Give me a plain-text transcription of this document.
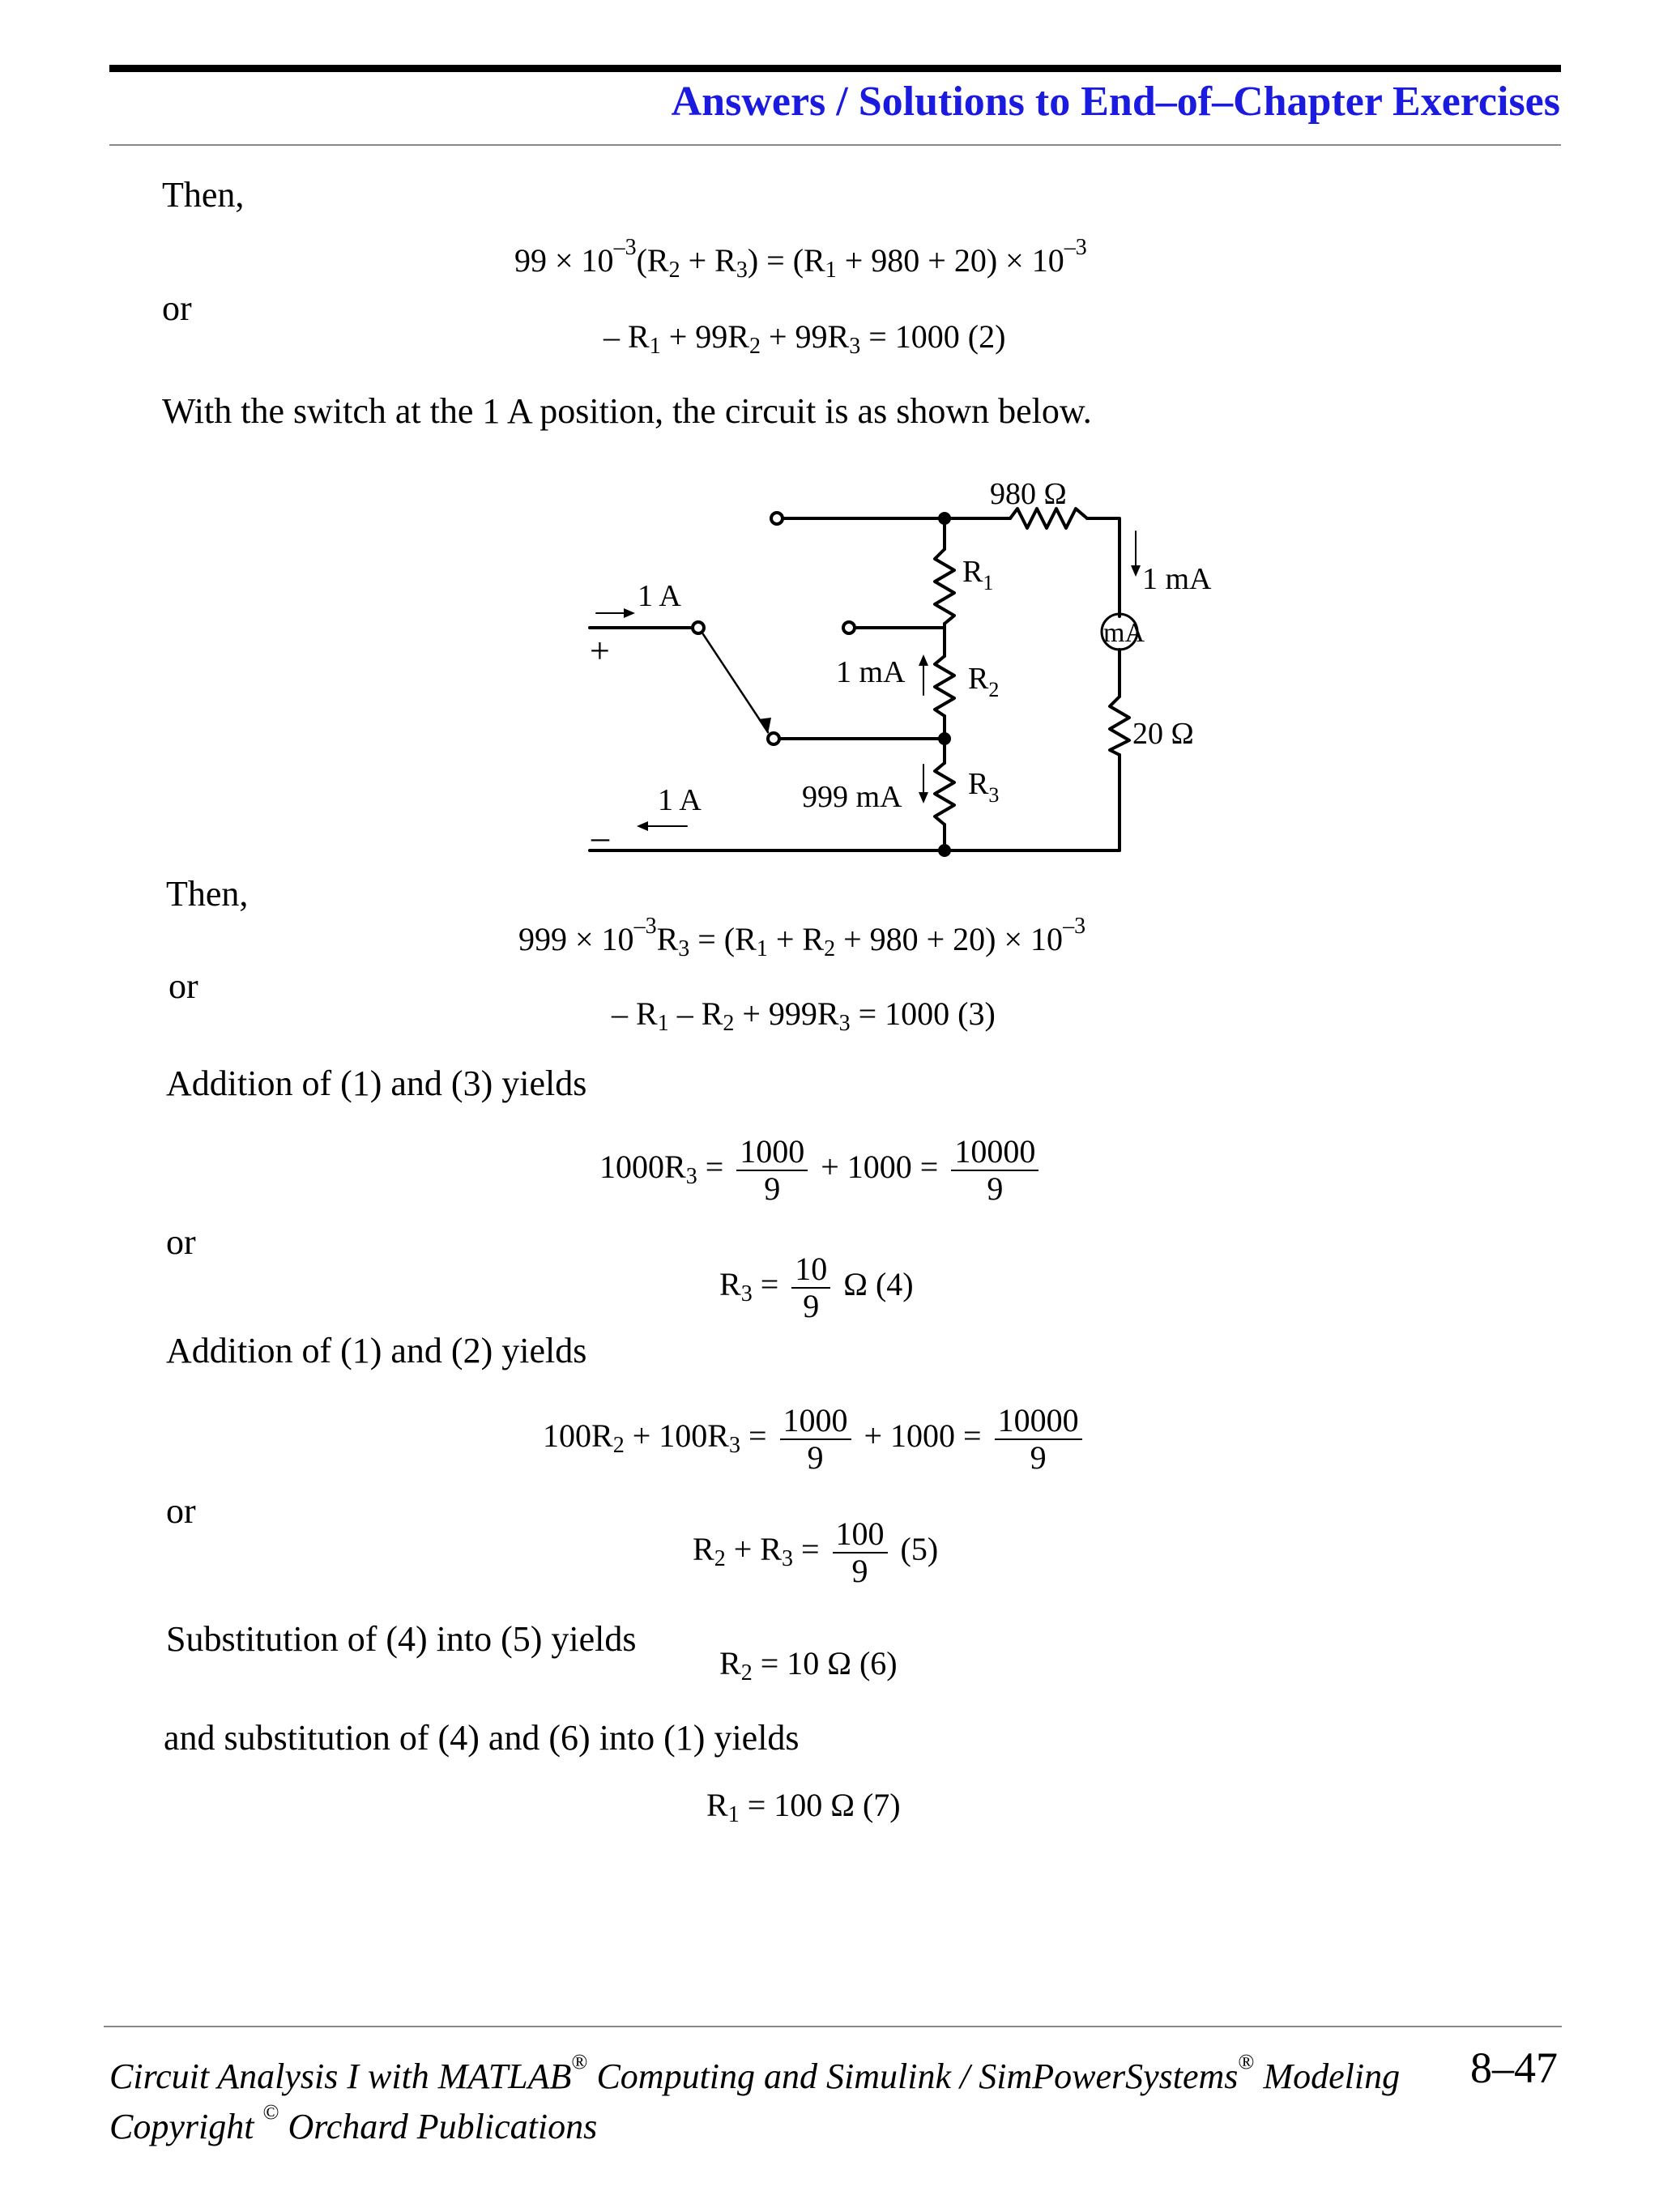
Answers / Solutions to End–of–Chapter Exercises
Then,
$99 \times 10^{-3}(R_2 + R_3) = (R_1 + 980 + 20) \times 10^{-3}$
or
– $R_1 + 99R_2 + 99R_3 = 1000$ (2)
With the switch at the 1 A position, the circuit is as shown below.
980 Ω
$R_1$
$R_2$
$R_3$
1 mA
mA
20 Ω
1 mA
999 mA
1 A
1 A
+
–
Then,
$999 \times 10^{-3}R_3 = (R_1 + R_2 + 980 + 20) \times 10^{-3}$
or
– $R_1 - R_2 + 999R_3 = 1000$ (3)
Addition of (1) and (3) yields
$1000R_3 = \frac{1000}{9} + 1000 = \frac{10000}{9}$
or
$R_3 = \frac{10}{9}$ Ω (4)
Addition of (1) and (2) yields
$100R_2 + 100R_3 = \frac{1000}{9} + 1000 = \frac{10000}{9}$
or
$R_2 + R_3 = \frac{100}{9} (5)$
Substitution of (4) into (5) yields
$R_2 = 10$ Ω (6)
and substitution of (4) and (6) into (1) yields
$R_1 = 100$ Ω (7)
Circuit Analysis I with MATLAB® Computing and Simulink / SimPowerSystems® Modeling 8–47
Copyright © Orchard Publications
